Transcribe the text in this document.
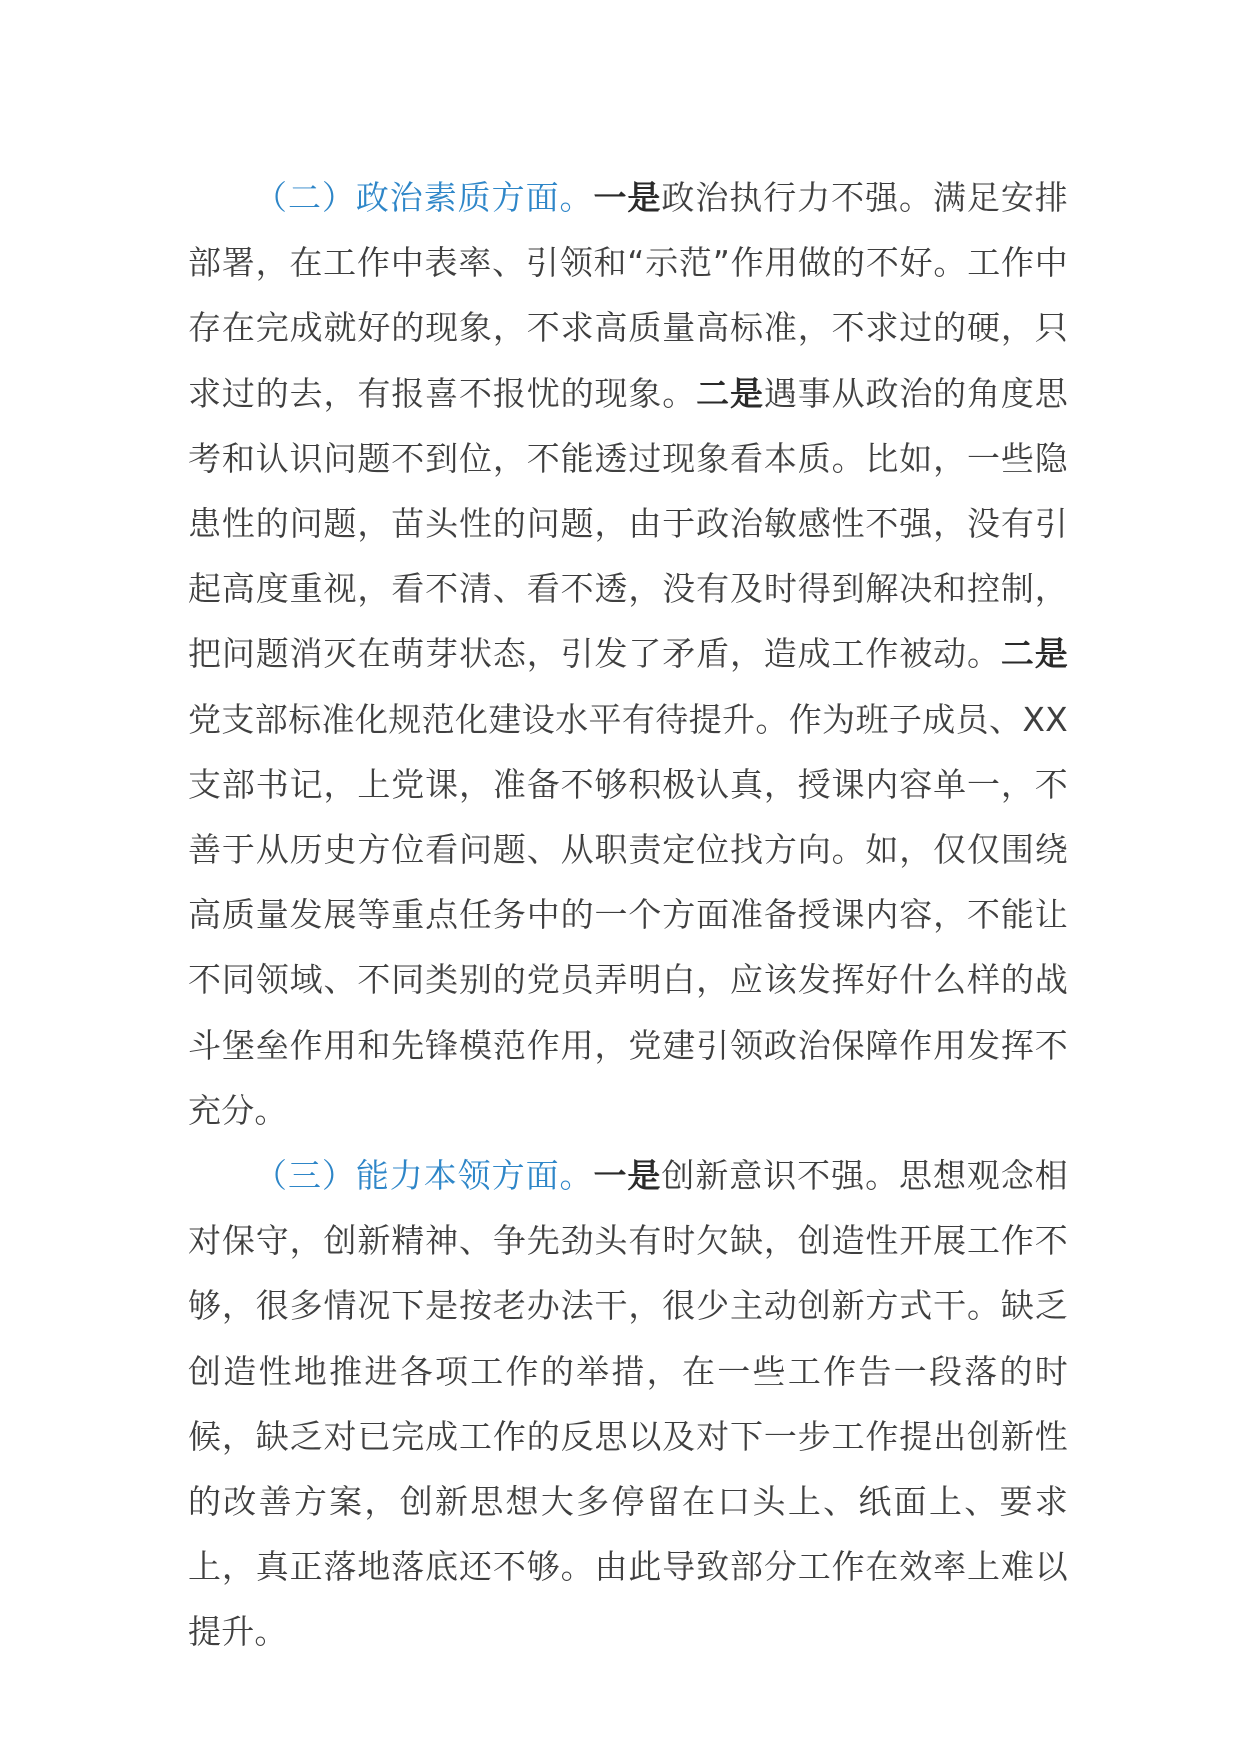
（二）政治素质方面。一是政治执行力不强。满足安排部署，在工作中表率、引领和“示范”作用做的不好。工作中存在完成就好的现象，不求高质量高标准，不求过的硬，只求过的去，有报喜不报忧的现象。二是遇事从政治的角度思考和认识问题不到位，不能透过现象看本质。比如，一些隐患性的问题，苗头性的问题，由于政治敏感性不强，没有引起高度重视，看不清、看不透，没有及时得到解决和控制，把问题消灭在萌芽状态，引发了矛盾，造成工作被动。二是党支部标准化规范化建设水平有待提升。作为班子成员、XX支部书记，上党课，准备不够积极认真，授课内容单一，不善于从历史方位看问题、从职责定位找方向。如，仅仅围绕高质量发展等重点任务中的一个方面准备授课内容，不能让不同领域、不同类别的党员弄明白，应该发挥好什么样的战斗堡垒作用和先锋模范作用，党建引领政治保障作用发挥不充分。

（三）能力本领方面。一是创新意识不强。思想观念相对保守，创新精神、争先劲头有时欠缺，创造性开展工作不够，很多情况下是按老办法干，很少主动创新方式干。缺乏创造性地推进各项工作的举措，在一些工作告一段落的时候，缺乏对已完成工作的反思以及对下一步工作提出创新性的改善方案，创新思想大多停留在口头上、纸面上、要求上，真正落地落底还不够。由此导致部分工作在效率上难以提升。
